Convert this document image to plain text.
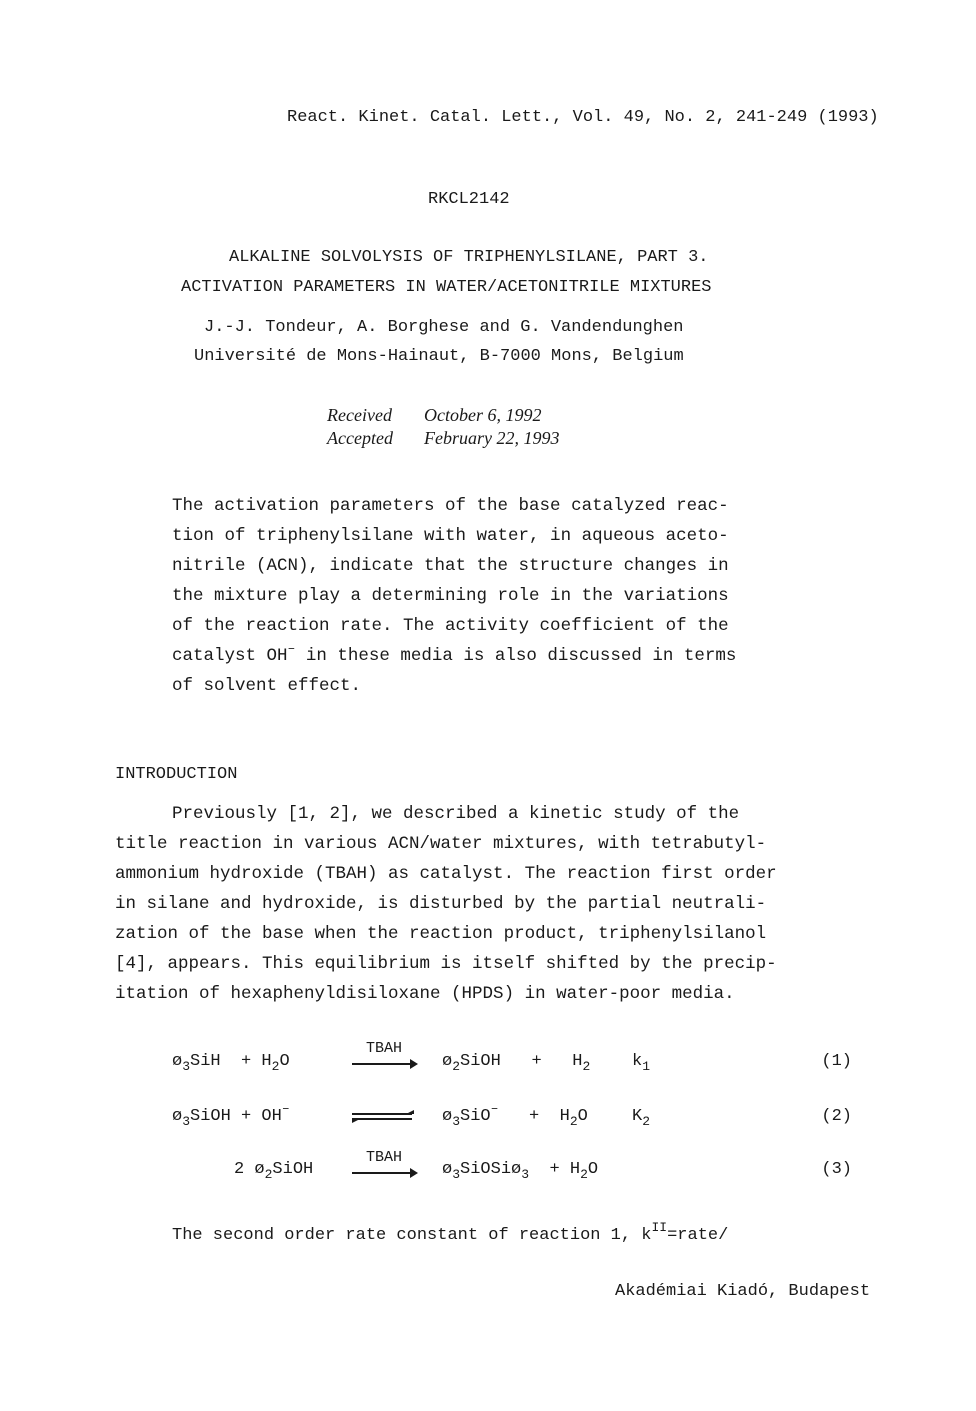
React. Kinet. Catal. Lett., Vol. 49, No. 2, 241-249 (1993)
RKCL2142
ALKALINE SOLVOLYSIS OF TRIPHENYLSILANE, PART 3.
ACTIVATION PARAMETERS IN WATER/ACETONITRILE MIXTURES
J.-J. Tondeur, A. Borghese and G. Vandendunghen
Université de Mons-Hainaut, B-7000 Mons, Belgium
Received October 6, 1992
Accepted February 22, 1993
The activation parameters of the base catalyzed reac-
tion of triphenylsilane with water, in aqueous aceto-
nitrile (ACN), indicate that the structure changes in
the mixture play a determining role in the variations
of the reaction rate. The activity coefficient of the
catalyst OH– in these media is also discussed in terms
of solvent effect.
INTRODUCTION
Previously [1, 2], we described a kinetic study of the
title reaction in various ACN/water mixtures, with tetrabutyl-
ammonium hydroxide (TBAH) as catalyst. The reaction first order
in silane and hydroxide, is disturbed by the partial neutrali-
zation of the base when the reaction product, triphenylsilanol
[4], appears. This equilibrium is itself shifted by the precip-
itation of hexaphenyldisiloxane (HPDS) in water-poor media.
$ø_3SiH + H_2O$
TBAH
$ø_2SiOH + H_2$ $k_1$	(1)
$ø_3SiOH + OH^-$	$ø_3SiO^- + H_2O$	$K_2$	(2)
2 $ø_2SiOH$
TBAH
$ø_3SiOSiø_3 + H_2O$	(3)
The second order rate constant of reaction 1, $k^{II}=rate/$
Akadémiai Kiadó, Budapest
